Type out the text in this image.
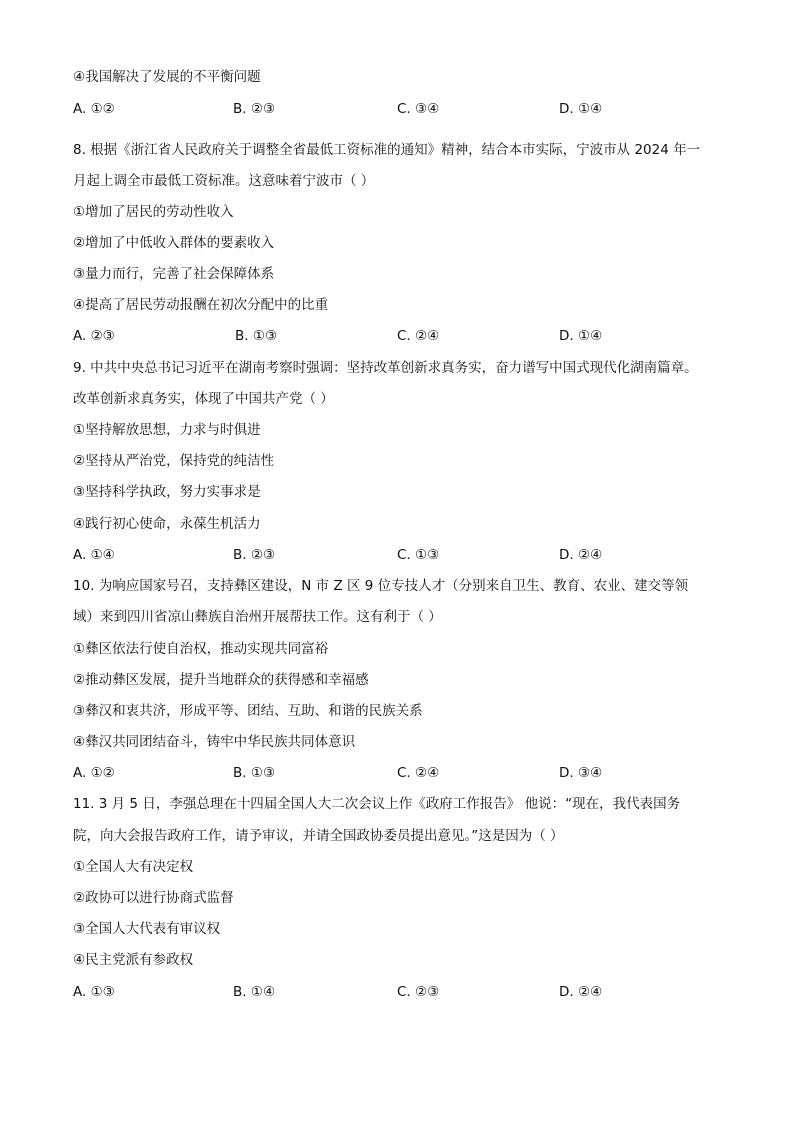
④我国解决了发展的不平衡问题
A. ①②	B. ②③	C. ③④	D. ①④
8. 根据《浙江省人民政府关于调整全省最低工资标准的通知》精神，结合本市实际，宁波市从 2024 年一
月起上调全市最低工资标准。这意味着宁波市（ ）
①增加了居民的劳动性收入
②增加了中低收入群体的要素收入
③量力而行，完善了社会保障体系
④提高了居民劳动报酬在初次分配中的比重
A. ②③	B. ①③	C. ②④	D. ①④
9. 中共中央总书记习近平在湖南考察时强调：坚持改革创新求真务实，奋力谱写中国式现代化湖南篇章。
改革创新求真务实，体现了中国共产党（ ）
①坚持解放思想，力求与时俱进
②坚持从严治党，保持党的纯洁性
③坚持科学执政，努力实事求是
④践行初心使命，永葆生机活力
A. ①④	B. ②③	C. ①③	D. ②④
10. 为响应国家号召，支持彝区建设，N 市 Z 区 9 位专技人才（分别来自卫生、教育、农业、建交等领
域）来到四川省凉山彝族自治州开展帮扶工作。这有利于（ ）
①彝区依法行使自治权，推动实现共同富裕
②推动彝区发展，提升当地群众的获得感和幸福感
③彝汉和衷共济，形成平等、团结、互助、和谐的民族关系
④彝汉共同团结奋斗，铸牢中华民族共同体意识
A. ①②	B. ①③	C. ②④	D. ③④
11. 3 月 5 日，李强总理在十四届全国人大二次会议上作《政府工作报告》 他说：“现在，我代表国务
院，向大会报告政府工作，请予审议，并请全国政协委员提出意见。”这是因为（ ）
①全国人大有决定权
②政协可以进行协商式监督
③全国人大代表有审议权
④民主党派有参政权
A. ①③	B. ①④	C. ②③	D. ②④
